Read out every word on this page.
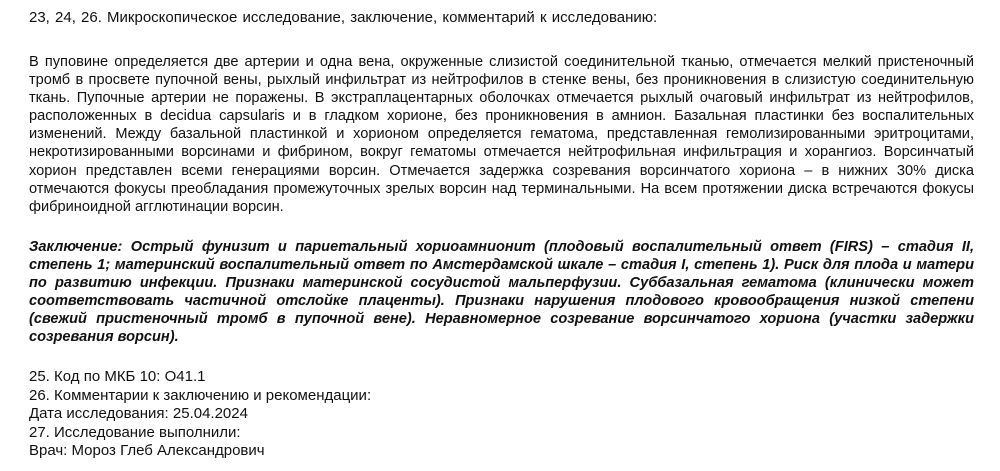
23, 24, 26. Микроскопическое исследование, заключение, комментарий к исследованию:
В пуповине определяется две артерии и одна вена, окруженные слизистой соединительной тканью, отмечается мелкий пристеночный тромб в просвете пупочной вены, рыхлый инфильтрат из нейтрофилов в стенке вены, без проникновения в слизистую соединительную ткань. Пупочные артерии не поражены. В экстраплацентарных оболочках отмечается рыхлый очаговый инфильтрат из нейтрофилов, расположенных в decidua capsularis и в гладком хорионе, без проникновения в амнион. Базальная пластинки без воспалительных изменений. Между базальной пластинкой и хорионом определяется гематома, представленная гемолизированными эритроцитами, некротизированными ворсинами и фибрином, вокруг гематомы отмечается нейтрофильная инфильтрация и хорангиоз. Ворсинчатый хорион представлен всеми генерациями ворсин. Отмечается задержка созревания ворсинчатого хориона – в нижних 30% диска отмечаются фокусы преобладания промежуточных зрелых ворсин над терминальными. На всем протяжении диска встречаются фокусы фибриноидной агглютинации ворсин.
Заключение: Острый фунизит и париетальный хориоамнионит (плодовый воспалительный ответ (FIRS) – стадия II, степень 1; материнский воспалительный ответ по Амстердамской шкале – стадия I, степень 1). Риск для плода и матери по развитию инфекции. Признаки материнской сосудистой мальперфузии. Суббазальная гематома (клинически может соответствовать частичной отслойке плаценты). Признаки нарушения плодового кровообращения низкой степени (свежий пристеночный тромб в пупочной вене). Неравномерное созревание ворсинчатого хориона (участки задержки созревания ворсин).
25. Код по МКБ 10: O41.1
26. Комментарии к заключению и рекомендации:
Дата исследования: 25.04.2024
27. Исследование выполнили:
Врач: Мороз Глеб Александрович
